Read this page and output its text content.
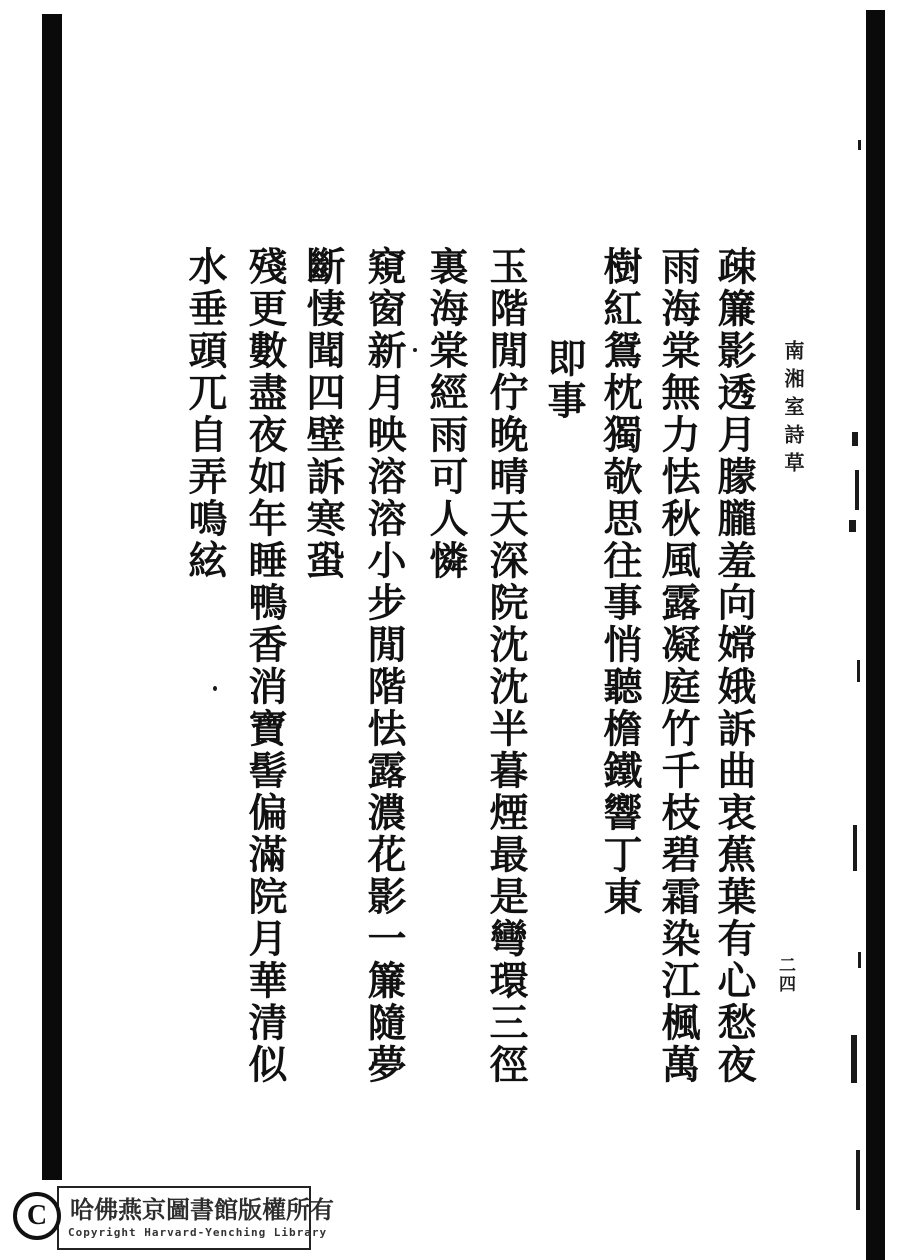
南湘室詩草
二四
疎簾影透月朦朧羞向嫦娥訴曲衷蕉葉有心愁夜
雨海棠無力怯秋風露凝庭竹千枝碧霜染江楓萬
樹紅鴛枕獨欹思往事悄聽檐鐵響丁東
即事
玉階閒佇晚晴天深院沈沈半暮煙最是彎環三徑
裏海棠經雨可人憐
窺窗新月映溶溶小步閒階怯露濃花影一簾隨夢
斷悽聞四壁訴寒蛩
殘更數盡夜如年睡鴨香消寶髻偏滿院月華清似
水垂頭兀自弄鳴絃
C 哈佛燕京圖書館版權所有
Copyright Harvard-Yenching Library
